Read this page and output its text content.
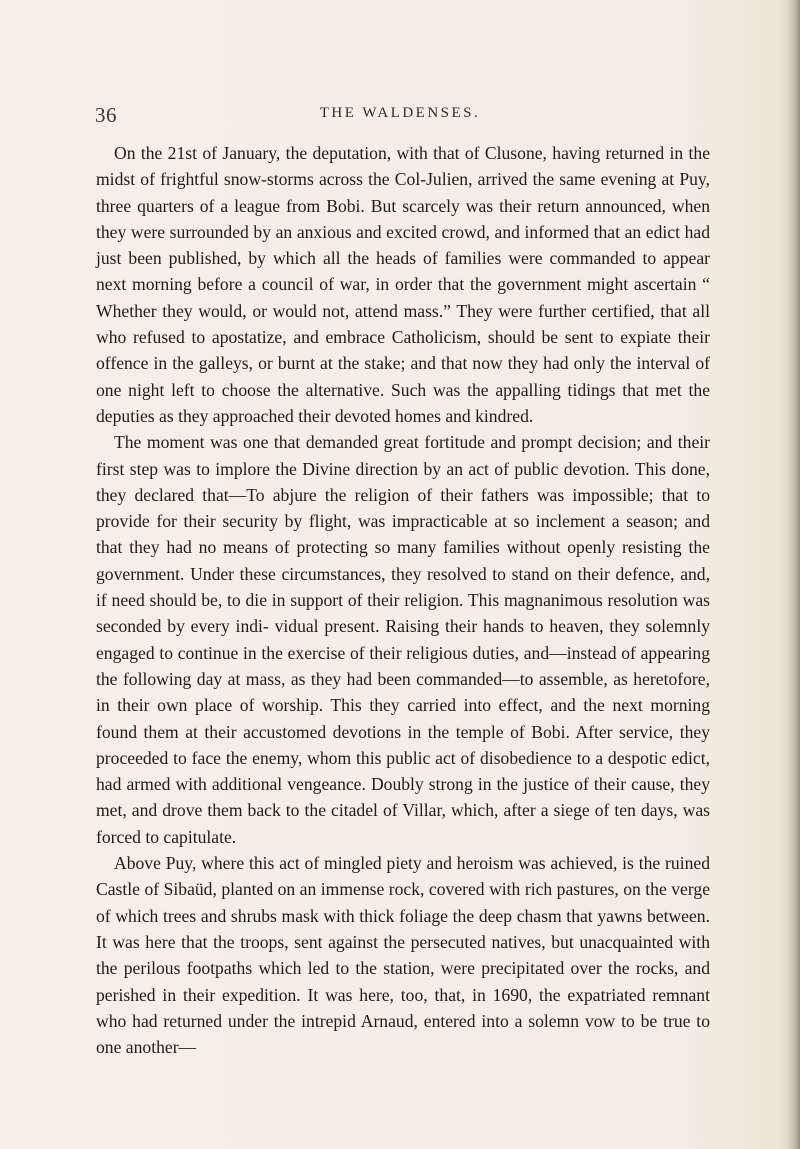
36	THE WALDENSES.

On the 21st of January, the deputation, with that of Clusone, having returned in the midst of frightful snow-storms across the Col-Julien, arrived the same evening at Puy, three quarters of a league from Bobi. But scarcely was their return announced, when they were surrounded by an anxious and excited crowd, and informed that an edict had just been published, by which all the heads of families were commanded to appear next morning before a council of war, in order that the government might ascertain “ Whether they would, or would not, attend mass.” They were further certified, that all who refused to apostatize, and embrace Catholicism, should be sent to expiate their offence in the galleys, or burnt at the stake; and that now they had only the interval of one night left to choose the alternative. Such was the appalling tidings that met the deputies as they approached their devoted homes and kindred.

The moment was one that demanded great fortitude and prompt decision; and their first step was to implore the Divine direction by an act of public devotion. This done, they declared that—To abjure the religion of their fathers was impossible; that to provide for their security by flight, was impracticable at so inclement a season; and that they had no means of protecting so many families without openly resisting the government. Under these circumstances, they resolved to stand on their defence, and, if need should be, to die in support of their religion. This magnanimous resolution was seconded by every indi- vidual present. Raising their hands to heaven, they solemnly engaged to continue in the exercise of their religious duties, and—instead of appearing the following day at mass, as they had been commanded—to assemble, as heretofore, in their own place of worship. This they carried into effect, and the next morning found them at their accustomed devotions in the temple of Bobi. After service, they proceeded to face the enemy, whom this public act of disobedience to a despotic edict, had armed with additional vengeance. Doubly strong in the justice of their cause, they met, and drove them back to the citadel of Villar, which, after a siege of ten days, was forced to capitulate.

Above Puy, where this act of mingled piety and heroism was achieved, is the ruined Castle of Sibaüd, planted on an immense rock, covered with rich pastures, on the verge of which trees and shrubs mask with thick foliage the deep chasm that yawns between. It was here that the troops, sent against the persecuted natives, but unacquainted with the perilous footpaths which led to the station, were precipitated over the rocks, and perished in their expedition. It was here, too, that, in 1690, the expatriated remnant who had returned under the intrepid Arnaud, entered into a solemn vow to be true to one another—
